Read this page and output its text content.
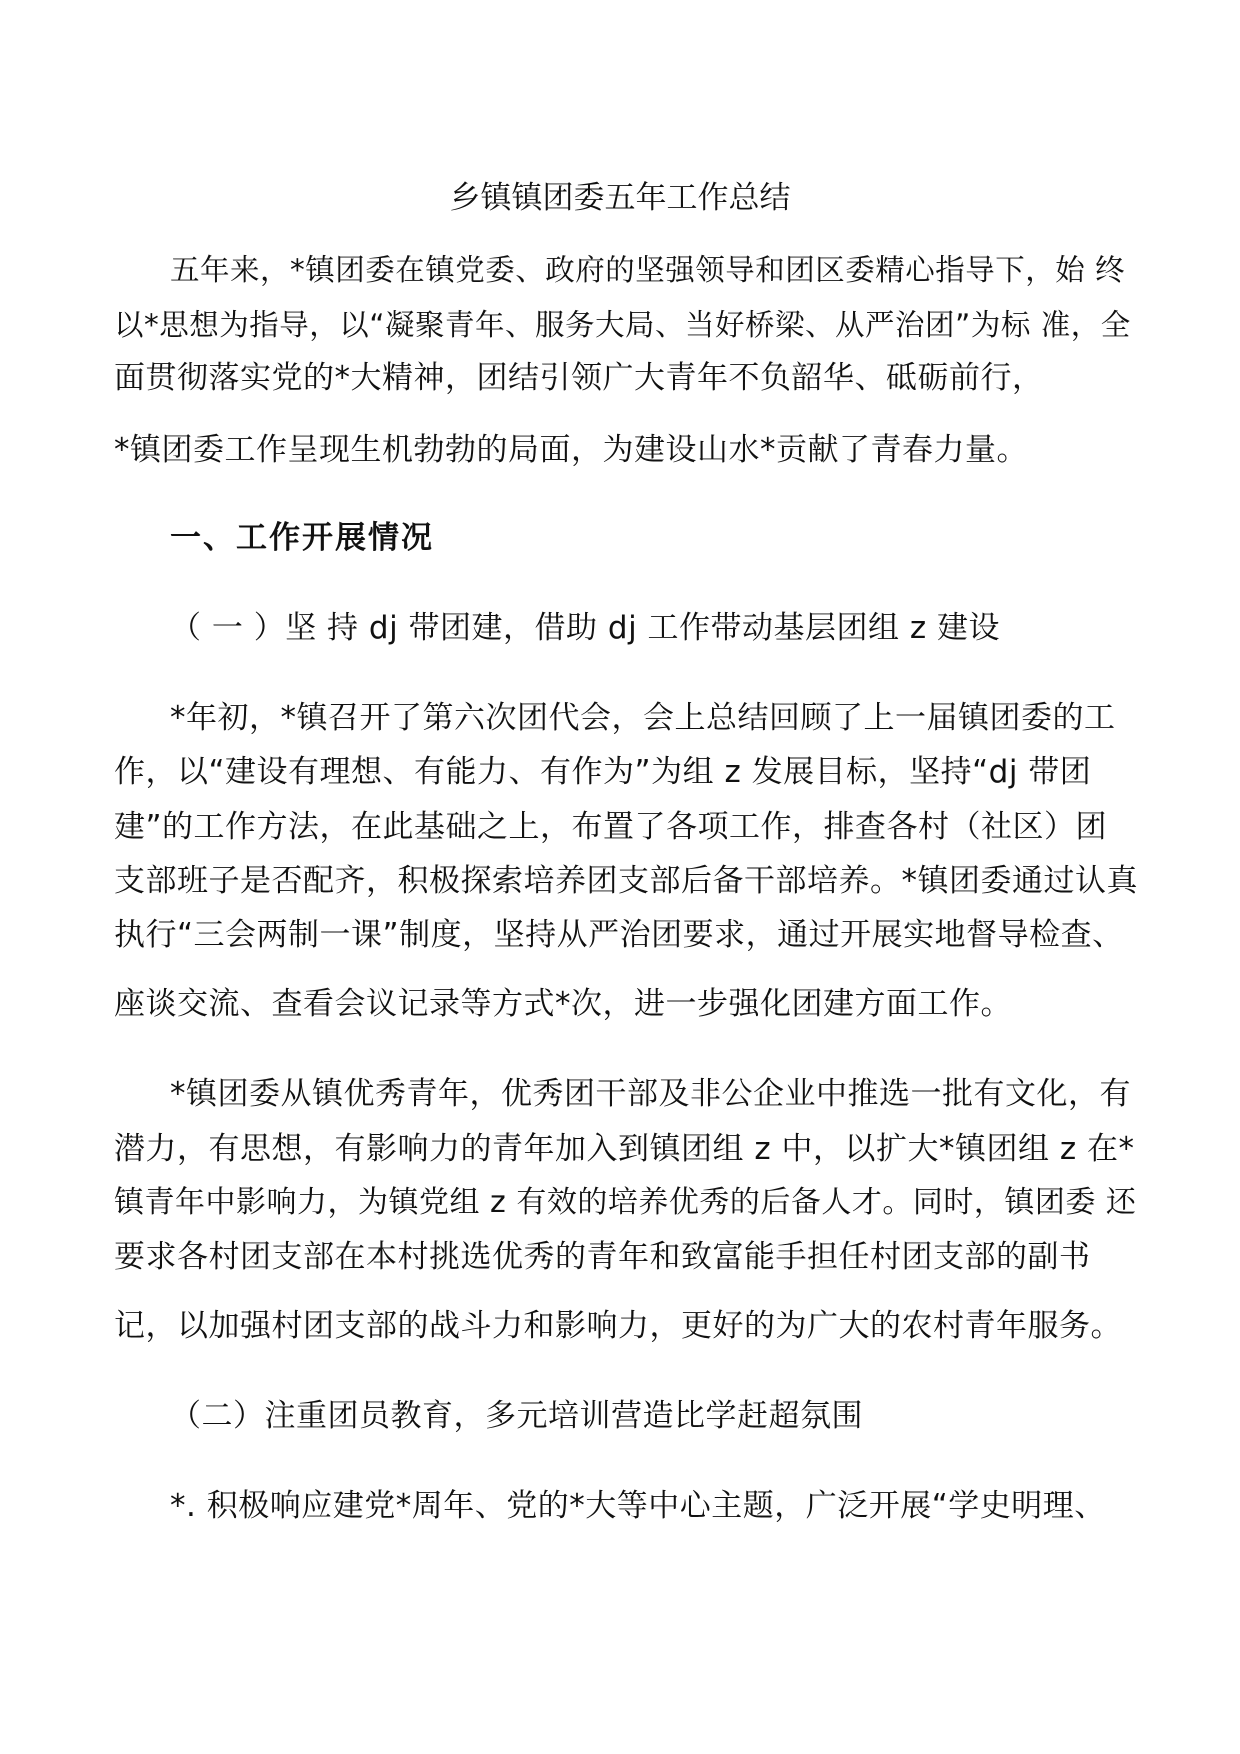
乡镇镇团委五年工作总结
五年来，*镇团委在镇党委、政府的坚强领导和团区委精心指导下，始 终
以*思想为指导，以“凝聚青年、服务大局、当好桥梁、从严治团”为标 准，全
面贯彻落实党的*大精神，团结引领广大青年不负韶华、砥砺前行，
*镇团委工作呈现生机勃勃的局面，为建设山水*贡献了青春力量。
一、工作开展情况
（ 一 ）坚 持 dj 带团建，借助 dj 工作带动基层团组 z 建设
*年初，*镇召开了第六次团代会，会上总结回顾了上一届镇团委的工
作，以“建设有理想、有能力、有作为”为组 z 发展目标，坚持“dj 带团
建”的工作方法，在此基础之上，布置了各项工作，排查各村（社区）团
支部班子是否配齐，积极探索培养团支部后备干部培养。*镇团委通过认真
执行“三会两制一课”制度，坚持从严治团要求，通过开展实地督导检查、
座谈交流、查看会议记录等方式*次，进一步强化团建方面工作。
*镇团委从镇优秀青年，优秀团干部及非公企业中推选一批有文化，有
潜力，有思想，有影响力的青年加入到镇团组 z 中，以扩大*镇团组 z 在*
镇青年中影响力，为镇党组 z 有效的培养优秀的后备人才。同时，镇团委 还
要求各村团支部在本村挑选优秀的青年和致富能手担任村团支部的副书
记，以加强村团支部的战斗力和影响力，更好的为广大的农村青年服务。
（二）注重团员教育，多元培训营造比学赶超氛围
*. 积极响应建党*周年、党的*大等中心主题，广泛开展“学史明理、
